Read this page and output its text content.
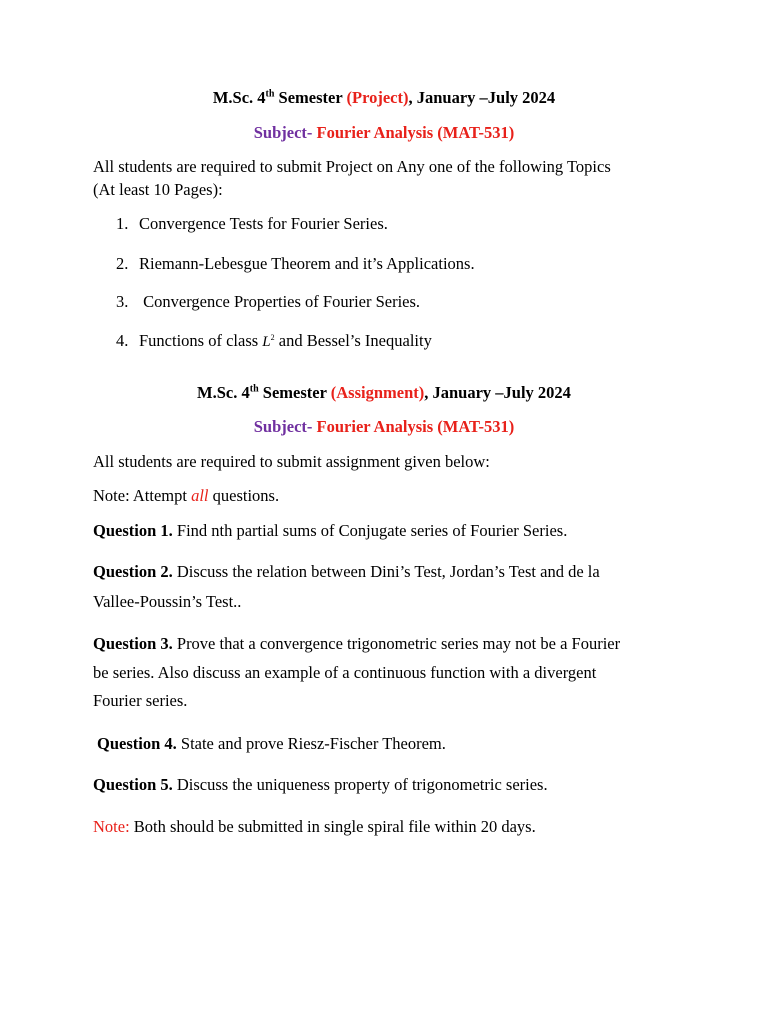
M.Sc. 4th Semester (Project), January –July 2024
Subject- Fourier Analysis (MAT-531)
All students are required to submit Project on Any one of the following Topics
(At least 10 Pages):
1. Convergence Tests for Fourier Series.
2. Riemann-Lebesgue Theorem and it’s Applications.
3. Convergence Properties of Fourier Series.
4. Functions of class $L^2$ and Bessel’s Inequality
M.Sc. 4th Semester (Assignment), January –July 2024
Subject- Fourier Analysis (MAT-531)
All students are required to submit assignment given below:
Note: Attempt all questions.
Question 1. Find nth partial sums of Conjugate series of Fourier Series.
Question 2. Discuss the relation between Dini’s Test, Jordan’s Test and de la
Vallee-Poussin’s Test..
Question 3. Prove that a convergence trigonometric series may not be a Fourier
be series. Also discuss an example of a continuous function with a divergent
Fourier series.
Question 4. State and prove Riesz-Fischer Theorem.
Question 5. Discuss the uniqueness property of trigonometric series.
Note: Both should be submitted in single spiral file within 20 days.
